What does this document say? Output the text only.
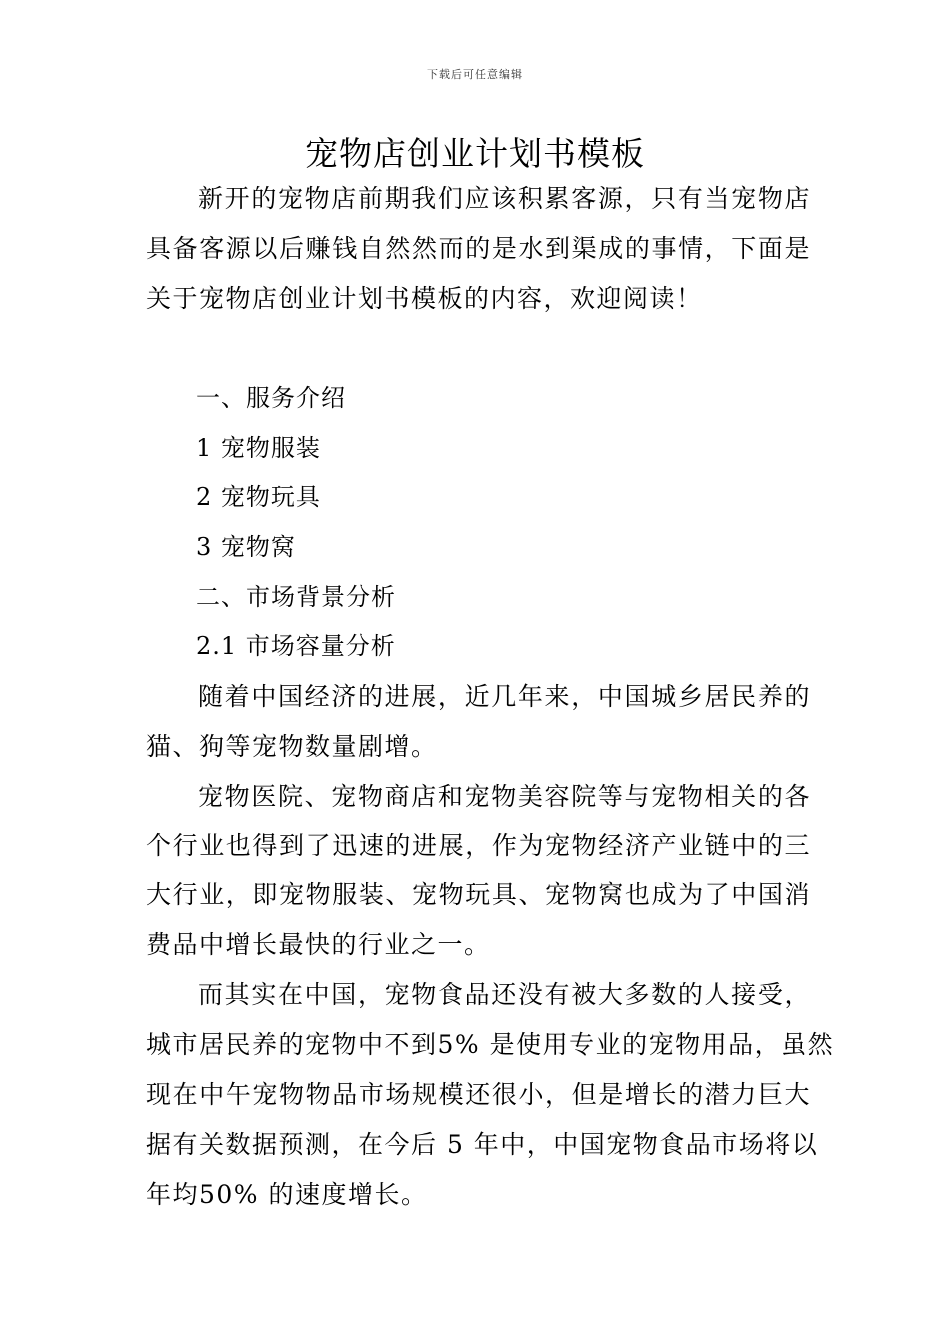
下载后可任意编辑
宠物店创业计划书模板
新开的宠物店前期我们应该积累客源，只有当宠物店
具备客源以后赚钱自然然而的是水到渠成的事情，下面是
关于宠物店创业计划书模板的内容，欢迎阅读！
一、服务介绍
1 宠物服装
2 宠物玩具
3 宠物窝
二、市场背景分析
2.1 市场容量分析
随着中国经济的进展，近几年来，中国城乡居民养的
猫、狗等宠物数量剧增。
宠物医院、宠物商店和宠物美容院等与宠物相关的各
个行业也得到了迅速的进展，作为宠物经济产业链中的三
大行业，即宠物服装、宠物玩具、宠物窝也成为了中国消
费品中增长最快的行业之一。
而其实在中国，宠物食品还没有被大多数的人接受，
城市居民养的宠物中不到5% 是使用专业的宠物用品，虽然
现在中午宠物物品市场规模还很小，但是增长的潜力巨大
据有关数据预测，在今后 5 年中，中国宠物食品市场将以
年均50% 的速度增长。
